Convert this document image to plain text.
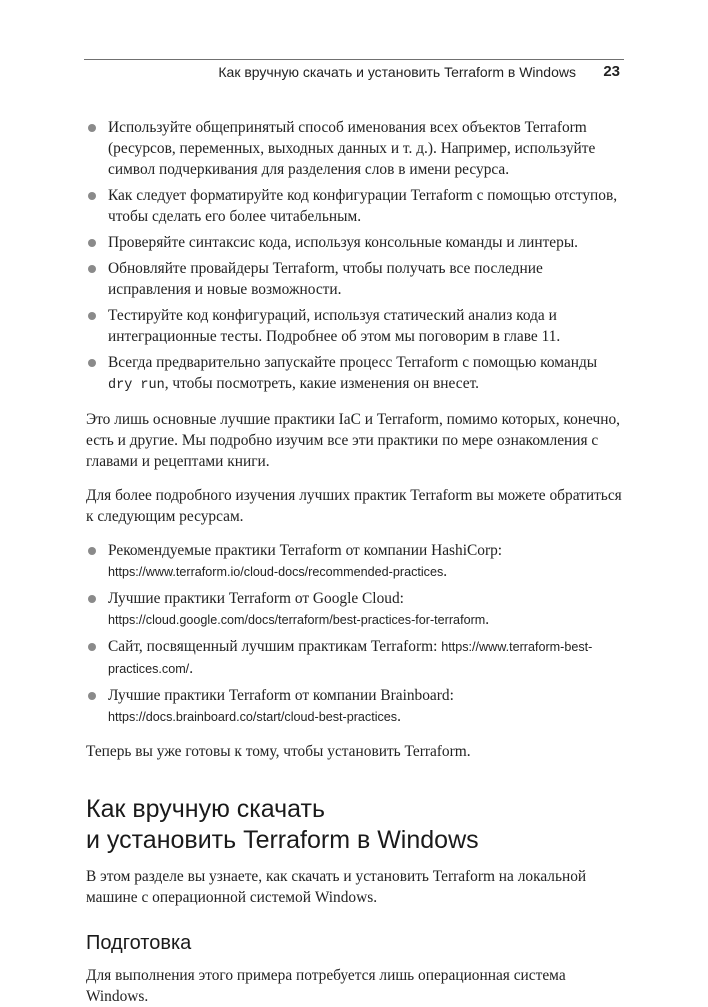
Как вручную скачать и установить Terraform в Windows 23
Используйте общепринятый способ именования всех объектов Terraform (ресурсов, переменных, выходных данных и т. д.). Например, используйте символ подчеркивания для разделения слов в имени ресурса.
Как следует форматируйте код конфигурации Terraform с помощью отступов, чтобы сделать его более читабельным.
Проверяйте синтаксис кода, используя консольные команды и линтеры.
Обновляйте провайдеры Terraform, чтобы получать все последние исправления и новые возможности.
Тестируйте код конфигураций, используя статический анализ кода и интеграционные тесты. Подробнее об этом мы поговорим в главе 11.
Всегда предварительно запускайте процесс Terraform с помощью команды dry run, чтобы посмотреть, какие изменения он внесет.

Это лишь основные лучшие практики IaC и Terraform, помимо которых, конечно, есть и другие. Мы подробно изучим все эти практики по мере ознакомления с главами и рецептами книги.

Для более подробного изучения лучших практик Terraform вы можете обратиться к следующим ресурсам.

Рекомендуемые практики Terraform от компании HashiCorp: https://www.terraform.io/cloud-docs/recommended-practices.
Лучшие практики Terraform от Google Cloud: https://cloud.google.com/docs/terraform/best-practices-for-terraform.
Сайт, посвященный лучшим практикам Terraform: https://www.terraform-best-practices.com/.
Лучшие практики Terraform от компании Brainboard: https://docs.brainboard.co/start/cloud-best-practices.

Теперь вы уже готовы к тому, чтобы установить Terraform.

Как вручную скачать
и установить Terraform в Windows

В этом разделе вы узнаете, как скачать и установить Terraform на локальной машине с операционной системой Windows.

Подготовка

Для выполнения этого примера потребуется лишь операционная система Windows.
